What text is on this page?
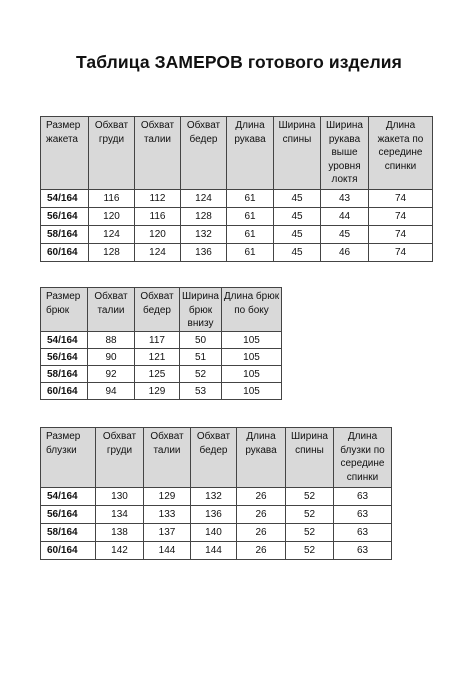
Таблица ЗАМЕРОВ готового изделия
Размер жакета	Обхват груди	Обхват талии	Обхват бедер	Длина рукава	Ширина спины	Ширина рукава выше уровня локтя	Длина жакета по середине спинки
54/164	116	112	124	61	45	43	74
56/164	120	116	128	61	45	44	74
58/164	124	120	132	61	45	45	74
60/164	128	124	136	61	45	46	74
Размер брюк	Обхват талии	Обхват бедер	Ширина брюк внизу	Длина брюк по боку
54/164	88	117	50	105
56/164	90	121	51	105
58/164	92	125	52	105
60/164	94	129	53	105
Размер блузки	Обхват груди	Обхват талии	Обхват бедер	Длина рукава	Ширина спины	Длина блузки по середине спинки
54/164	130	129	132	26	52	63
56/164	134	133	136	26	52	63
58/164	138	137	140	26	52	63
60/164	142	144	144	26	52	63
